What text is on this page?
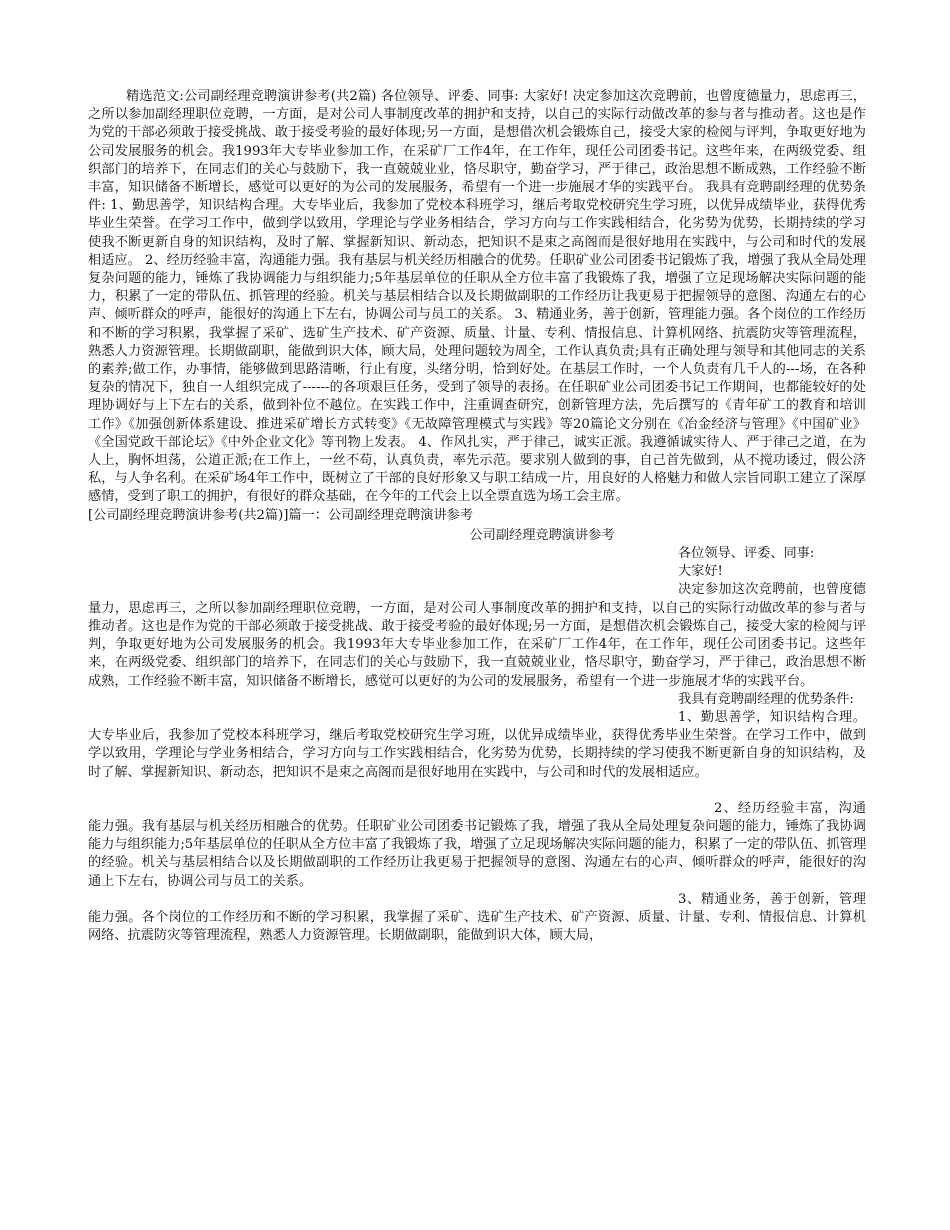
精选范文:公司副经理竞聘演讲参考(共2篇) 各位领导、评委、同事: 大家好! 决定参加这次竞聘前，也曾度德量力，思虑再三，之所以参加副经理职位竞聘，一方面，是对公司人事制度改革的拥护和支持，以自己的实际行动做改革的参与者与推动者。这也是作为党的干部必须敢于接受挑战、敢于接受考验的最好体现;另一方面，是想借次机会锻炼自己，接受大家的检阅与评判，争取更好地为公司发展服务的机会。我1993年大专毕业参加工作，在采矿厂工作4年，在工作年，现任公司团委书记。这些年来，在两级党委、组织部门的培养下，在同志们的关心与鼓励下，我一直兢兢业业，恪尽职守，勤奋学习，严于律己，政治思想不断成熟，工作经验不断丰富，知识储备不断增长，感觉可以更好的为公司的发展服务，希望有一个进一步施展才华的实践平台。 我具有竞聘副经理的优势条件: 1、勤思善学，知识结构合理。大专毕业后，我参加了党校本科班学习，继后考取党校研究生学习班，以优异成绩毕业，获得优秀毕业生荣誉。在学习工作中，做到学以致用，学理论与学业务相结合，学习方向与工作实践相结合，化劣势为优势，长期持续的学习使我不断更新自身的知识结构，及时了解、掌握新知识、新动态，把知识不是束之高阁而是很好地用在实践中，与公司和时代的发展相适应。 2、经历经验丰富，沟通能力强。我有基层与机关经历相融合的优势。任职矿业公司团委书记锻炼了我，增强了我从全局处理复杂问题的能力，锤炼了我协调能力与组织能力;5年基层单位的任职从全方位丰富了我锻炼了我，增强了立足现场解决实际问题的能力，积累了一定的带队伍、抓管理的经验。机关与基层相结合以及长期做副职的工作经历让我更易于把握领导的意图、沟通左右的心声、倾听群众的呼声，能很好的沟通上下左右，协调公司与员工的关系。 3、精通业务，善于创新，管理能力强。各个岗位的工作经历和不断的学习积累，我掌握了采矿、选矿生产技术、矿产资源、质量、计量、专利、情报信息、计算机网络、抗震防灾等管理流程，熟悉人力资源管理。长期做副职，能做到识大体，顾大局，处理问题较为周全，工作认真负责;具有正确处理与领导和其他同志的关系的素养;做工作，办事情，能够做到思路清晰，行止有度，头绪分明，恰到好处。在基层工作时，一个人负责有几千人的---场，在各种复杂的情况下，独自一人组织完成了------的各项艰巨任务，受到了领导的表扬。在任职矿业公司团委书记工作期间，也都能较好的处理协调好与上下左右的关系，做到补位不越位。在实践工作中，注重调查研究，创新管理方法，先后撰写的《青年矿工的教育和培训工作》《加强创新体系建设、推进采矿增长方式转变》《无故障管理模式与实践》等20篇论文分别在《冶金经济与管理》《中国矿业》《全国党政干部论坛》《中外企业文化》等刊物上发表。 4、作风扎实，严于律己，诚实正派。我遵循诚实待人、严于律己之道，在为人上，胸怀坦荡，公道正派;在工作上，一丝不苟，认真负责，率先示范。要求别人做到的事，自己首先做到，从不搅功诿过，假公济私，与人争名利。在采矿场4年工作中，既树立了干部的良好形象又与职工结成一片，用良好的人格魅力和做人宗旨同职工建立了深厚感情，受到了职工的拥护，有很好的群众基础，在今年的工代会上以全票直选为场工会主席。

[公司副经理竞聘演讲参考(共2篇)]篇一：公司副经理竞聘演讲参考

公司副经理竞聘演讲参考

各位领导、评委、同事:

大家好!

决定参加这次竞聘前，也曾度德量力，思虑再三，之所以参加副经理职位竞聘，一方面，是对公司人事制度改革的拥护和支持，以自己的实际行动做改革的参与者与推动者。这也是作为党的干部必须敢于接受挑战、敢于接受考验的最好体现;另一方面，是想借次机会锻炼自己，接受大家的检阅与评判，争取更好地为公司发展服务的机会。我1993年大专毕业参加工作，在采矿厂工作4年，在工作年，现任公司团委书记。这些年来，在两级党委、组织部门的培养下，在同志们的关心与鼓励下，我一直兢兢业业，恪尽职守，勤奋学习，严于律己，政治思想不断成熟，工作经验不断丰富，知识储备不断增长，感觉可以更好的为公司的发展服务，希望有一个进一步施展才华的实践平台。

我具有竞聘副经理的优势条件:

1、勤思善学，知识结构合理。大专毕业后，我参加了党校本科班学习，继后考取党校研究生学习班，以优异成绩毕业，获得优秀毕业生荣誉。在学习工作中，做到学以致用，学理论与学业务相结合，学习方向与工作实践相结合，化劣势为优势，长期持续的学习使我不断更新自身的知识结构，及时了解、掌握新知识、新动态，把知识不是束之高阁而是很好地用在实践中，与公司和时代的发展相适应。

2、经历经验丰富，沟通能力强。我有基层与机关经历相融合的优势。任职矿业公司团委书记锻炼了我，增强了我从全局处理复杂问题的能力，锤炼了我协调能力与组织能力;5年基层单位的任职从全方位丰富了我锻炼了我，增强了立足现场解决实际问题的能力，积累了一定的带队伍、抓管理的经验。机关与基层相结合以及长期做副职的工作经历让我更易于把握领导的意图、沟通左右的心声、倾听群众的呼声，能很好的沟通上下左右，协调公司与员工的关系。

3、精通业务，善于创新，管理能力强。各个岗位的工作经历和不断的学习积累，我掌握了采矿、选矿生产技术、矿产资源、质量、计量、专利、情报信息、计算机网络、抗震防灾等管理流程，熟悉人力资源管理。长期做副职，能做到识大体，顾大局，
